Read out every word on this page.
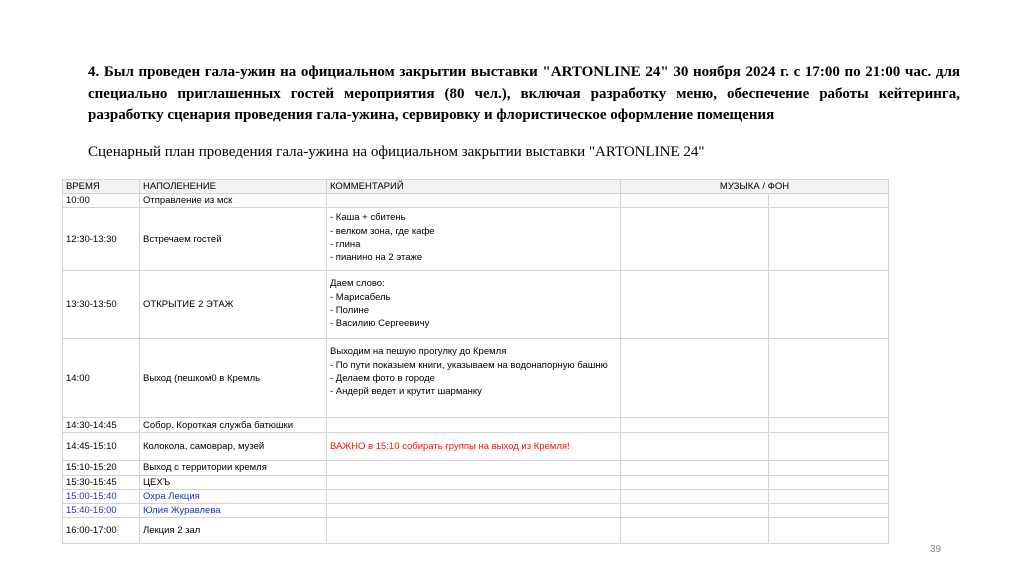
4. Был проведен гала-ужин на официальном закрытии выставки "ARTONLINE 24" 30 ноября 2024 г. с 17:00 по 21:00 час. для специально приглашенных гостей мероприятия (80 чел.), включая разработку меню, обеспечение работы кейтеринга, разработку сценария проведения гала-ужина, сервировку и флористическое оформление помещения

Сценарный план проведения гала-ужина на официальном закрытии выставки "ARTONLINE 24"

ВРЕМЯ	НАПОЛЕНЕНИЕ	КОММЕНТАРИЙ	МУЗЫКА / ФОН	
10:00	Отправление из мск			
12:30-13:30	Встречаем гостей	- Каша + сбитень
- велком зона, где кафе
- глина
- пианино на 2 этаже		

13:30-13:50	ОТКРЫТИЕ 2 ЭТАЖ	Даем слово:
- Марисабель
- Полине
- Василию Сергеевичу		

14:00	Выход (пешком0 в Кремль	Выходим на пешую прогулку до Кремля
- По пути показыем книги, указываем на водонапорную башню
- Делаем фото в городе
- Андерй ведет и крутит шарманку		

14:30-14:45	Собор. Короткая служба батюшки			
14:45-15:10	Колокола, самоврар, музей	ВАЖНО в 15:10 собирать группы на выход из Кремля!		
15:10-15:20	Выход с территории кремля			
15:30-15:45	ЦЕХЪ			
15:00-15:40	Охра Лекция			
15:40-16:00	Юлия Журавлева			
16:00-17:00	Лекция 2 зал			
39
